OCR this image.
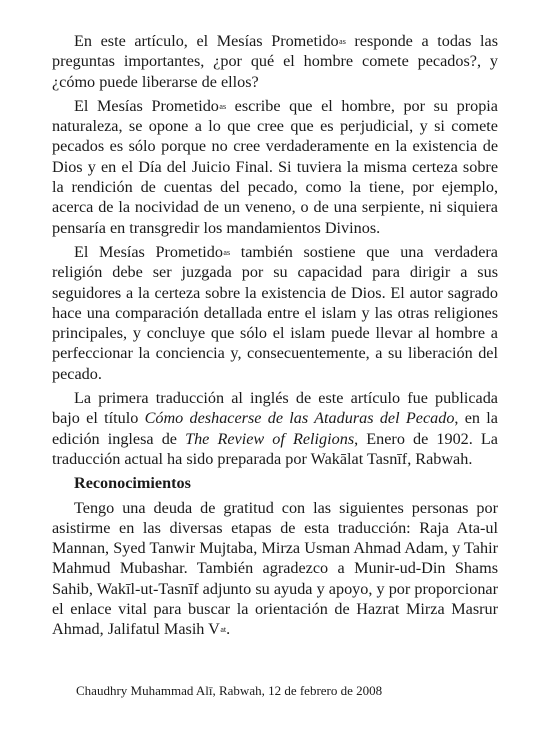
En este artículo, el Mesías Prometido$^{as}$ responde a todas las preguntas importantes, ¿por qué el hombre comete pecados?, y ¿cómo puede liberarse de ellos?

El Mesías Prometido$^{as}$ escribe que el hombre, por su propia naturaleza, se opone a lo que cree que es perjudicial, y si comete pecados es sólo porque no cree verdaderamente en la existencia de Dios y en el Día del Juicio Final. Si tuviera la misma certeza sobre la rendición de cuentas del pecado, como la tiene, por ejemplo, acerca de la nocividad de un veneno, o de una serpiente, ni siquiera pensaría en transgredir los mandamientos Divinos.

El Mesías Prometido$^{as}$ también sostiene que una verdadera religión debe ser juzgada por su capacidad para dirigir a sus seguidores a la certeza sobre la existencia de Dios. El autor sagrado hace una comparación detallada entre el islam y las otras religiones principales, y concluye que sólo el islam puede llevar al hombre a perfeccionar la conciencia y, consecuentemente, a su liberación del pecado.

La primera traducción al inglés de este artículo fue publicada bajo el título Cómo deshacerse de las Ataduras del Pecado, en la edición inglesa de The Review of Religions, Enero de 1902. La traducción actual ha sido preparada por Wakālat Tasnīf, Rabwah.

Reconocimientos

Tengo una deuda de gratitud con las siguientes personas por asistirme en las diversas etapas de esta traducción: Raja Ata-ul Mannan, Syed Tanwir Mujtaba, Mirza Usman Ahmad Adam, y Tahir Mahmud Mubashar. También agradezco a Munir-ud-Din Shams Sahib, Wakīl-ut-Tasnīf adjunto su ayuda y apoyo, y por proporcionar el enlace vital para buscar la orientación de Hazrat Mirza Masrur Ahmad, Jalifatul Masih $V^{at}$.

Chaudhry Muhammad Alī, Rabwah, 12 de febrero de 2008
